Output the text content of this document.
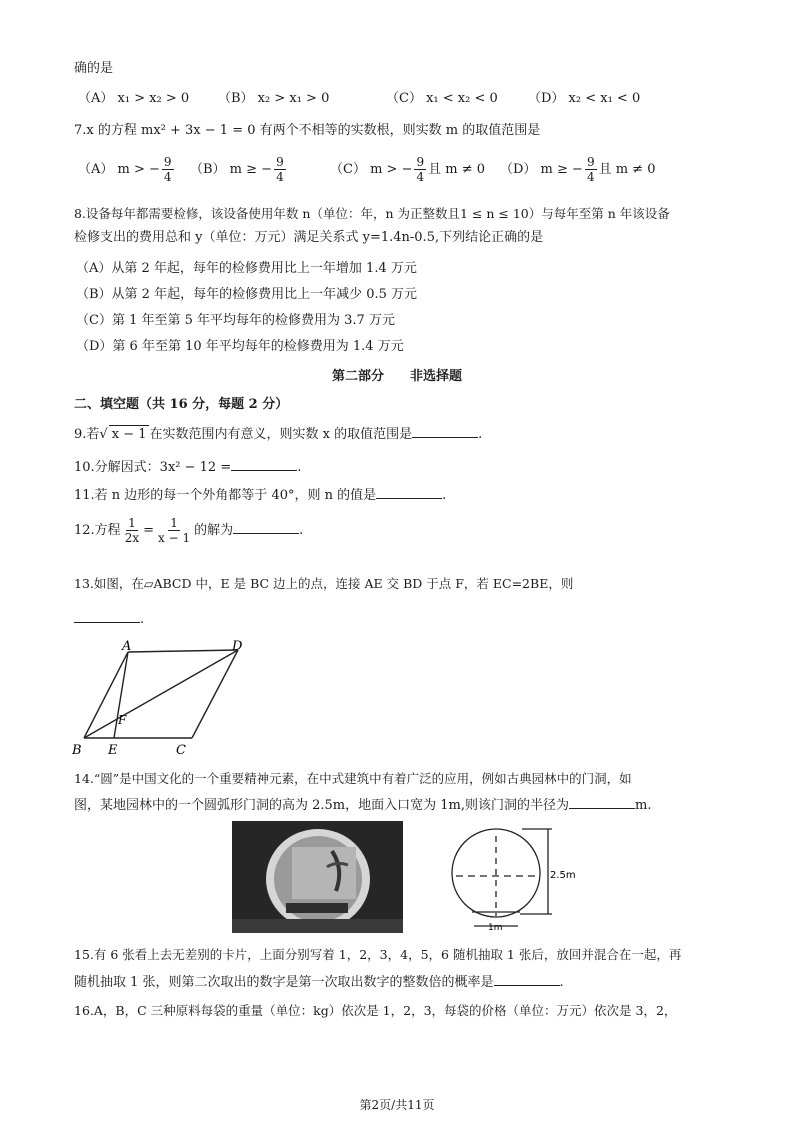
确的是
（A） x₁ > x₂ > 0 （B） x₂ > x₁ > 0	（C） x₁ < x₂ < 0 （D） x₂ < x₁ < 0
7.x 的方程 mx² + 3x − 1 = 0 有两个不相等的实数根，则实数 m 的取值范围是
（A） m > − $\frac{9}{4} (B) m$ ≥ − $\frac{9}{4}$	（C） m > − $\frac{9}{4}$ 且 m ≠ 0 （D） m ≥ − $\frac{9}{4}$ 且 m ≠ 0
8.设备每年都需要检修，该设备使用年数 n（单位：年，n 为正整数且1 ≤ n ≤ 10）与每年至第 n 年该设备
检修支出的费用总和 y（单位：万元）满足关系式 y=1.4n-0.5,下列结论正确的是
（A）从第 2 年起，每年的检修费用比上一年增加 1.4 万元
（B）从第 2 年起，每年的检修费用比上一年减少 0.5 万元
（C）第 1 年至第 5 年平均每年的检修费用为 3.7 万元
（D）第 6 年至第 10 年平均每年的检修费用为 1.4 万元
第二部分　　非选择题
二、填空题（共 16 分，每题 2 分）
9.若√ x − 1 在实数范围内有意义，则实数 x 的取值范围是	.
10.分解因式：3x² − 12 =	.
11.若 n 边形的每一个外角都等于 40°，则 n 的值是	.
12.方程 $\frac{1}{2x} = \frac{1}{x - 1}$ 的解为	.
13.如图，在▱ABCD 中，E 是 BC 边上的点，连接 AE 交 BD 于点 F，若 EC=2BE，则
.
A	D
F
B E	C
14.“圆”是中国文化的一个重要精神元素，在中式建筑中有着广泛的应用，例如古典园林中的门洞，如
图，某地园林中的一个圆弧形门洞的高为 2.5m，地面入口宽为 1m,则该门洞的半径为	m.
2.5m
1m
15.有 6 张看上去无差别的卡片，上面分别写着 1，2，3，4，5，6 随机抽取 1 张后，放回并混合在一起，再
随机抽取 1 张，则第二次取出的数字是第一次取出数字的整数倍的概率是	.
16.A，B，C 三种原料每袋的重量（单位：kg）依次是 1，2，3，每袋的价格（单位：万元）依次是 3，2，
第2页/共11页
